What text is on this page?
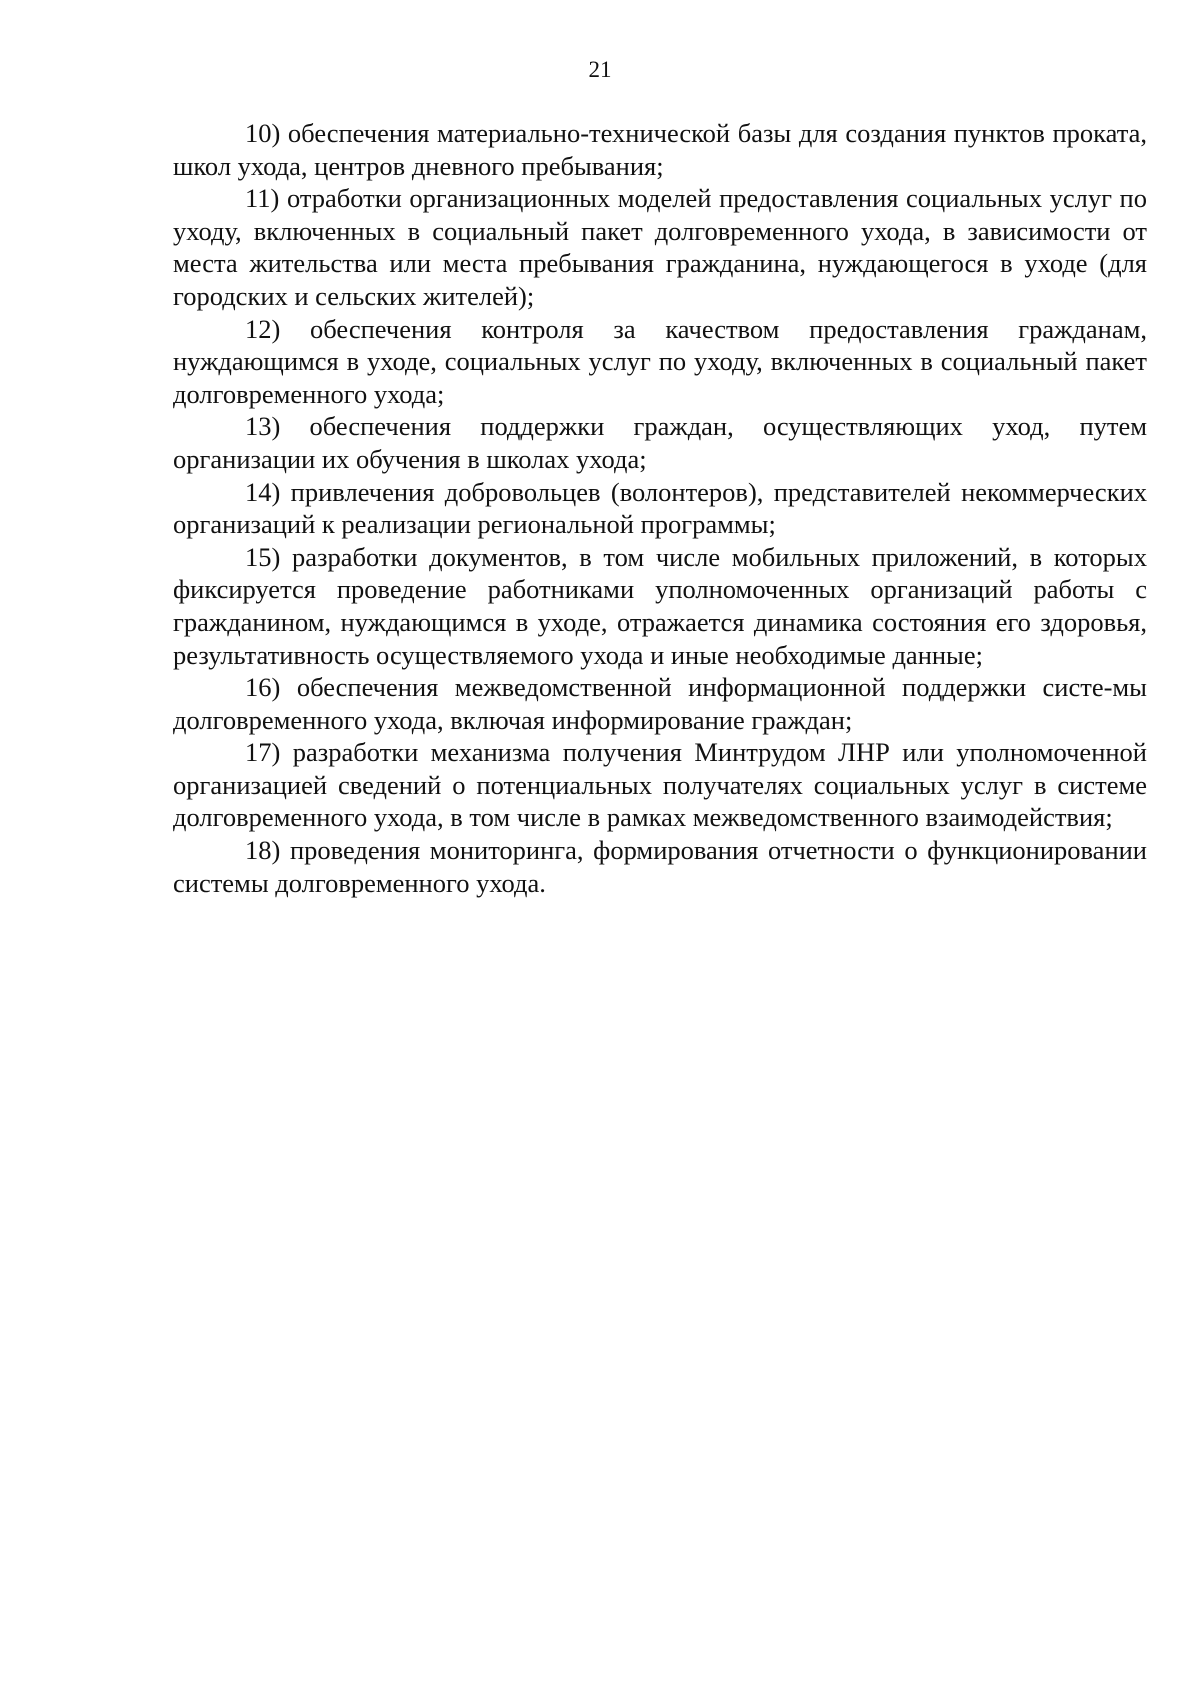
21

10) обеспечения материально-технической базы для создания пунктов проката, школ ухода, центров дневного пребывания;

11) отработки организационных моделей предоставления социальных услуг по уходу, включенных в социальный пакет долговременного ухода, в зависимости от места жительства или места пребывания гражданина, нуждающегося в уходе (для городских и сельских жителей);

12) обеспечения контроля за качеством предоставления гражданам, нуждающимся в уходе, социальных услуг по уходу, включенных в социальный пакет долговременного ухода;

13) обеспечения поддержки граждан, осуществляющих уход, путем организации их обучения в школах ухода;

14) привлечения добровольцев (волонтеров), представителей некоммерческих организаций к реализации региональной программы;

15) разработки документов, в том числе мобильных приложений, в которых фиксируется проведение работниками уполномоченных организаций работы с гражданином, нуждающимся в уходе, отражается динамика состояния его здоровья, результативность осуществляемого ухода и иные необходимые данные;

16) обеспечения межведомственной информационной поддержки систе-мы долговременного ухода, включая информирование граждан;

17) разработки механизма получения Минтрудом ЛНР или уполномоченной организацией сведений о потенциальных получателях социальных услуг в системе долговременного ухода, в том числе в рамках межведомственного взаимодействия;

18) проведения мониторинга, формирования отчетности о функционировании системы долговременного ухода.
